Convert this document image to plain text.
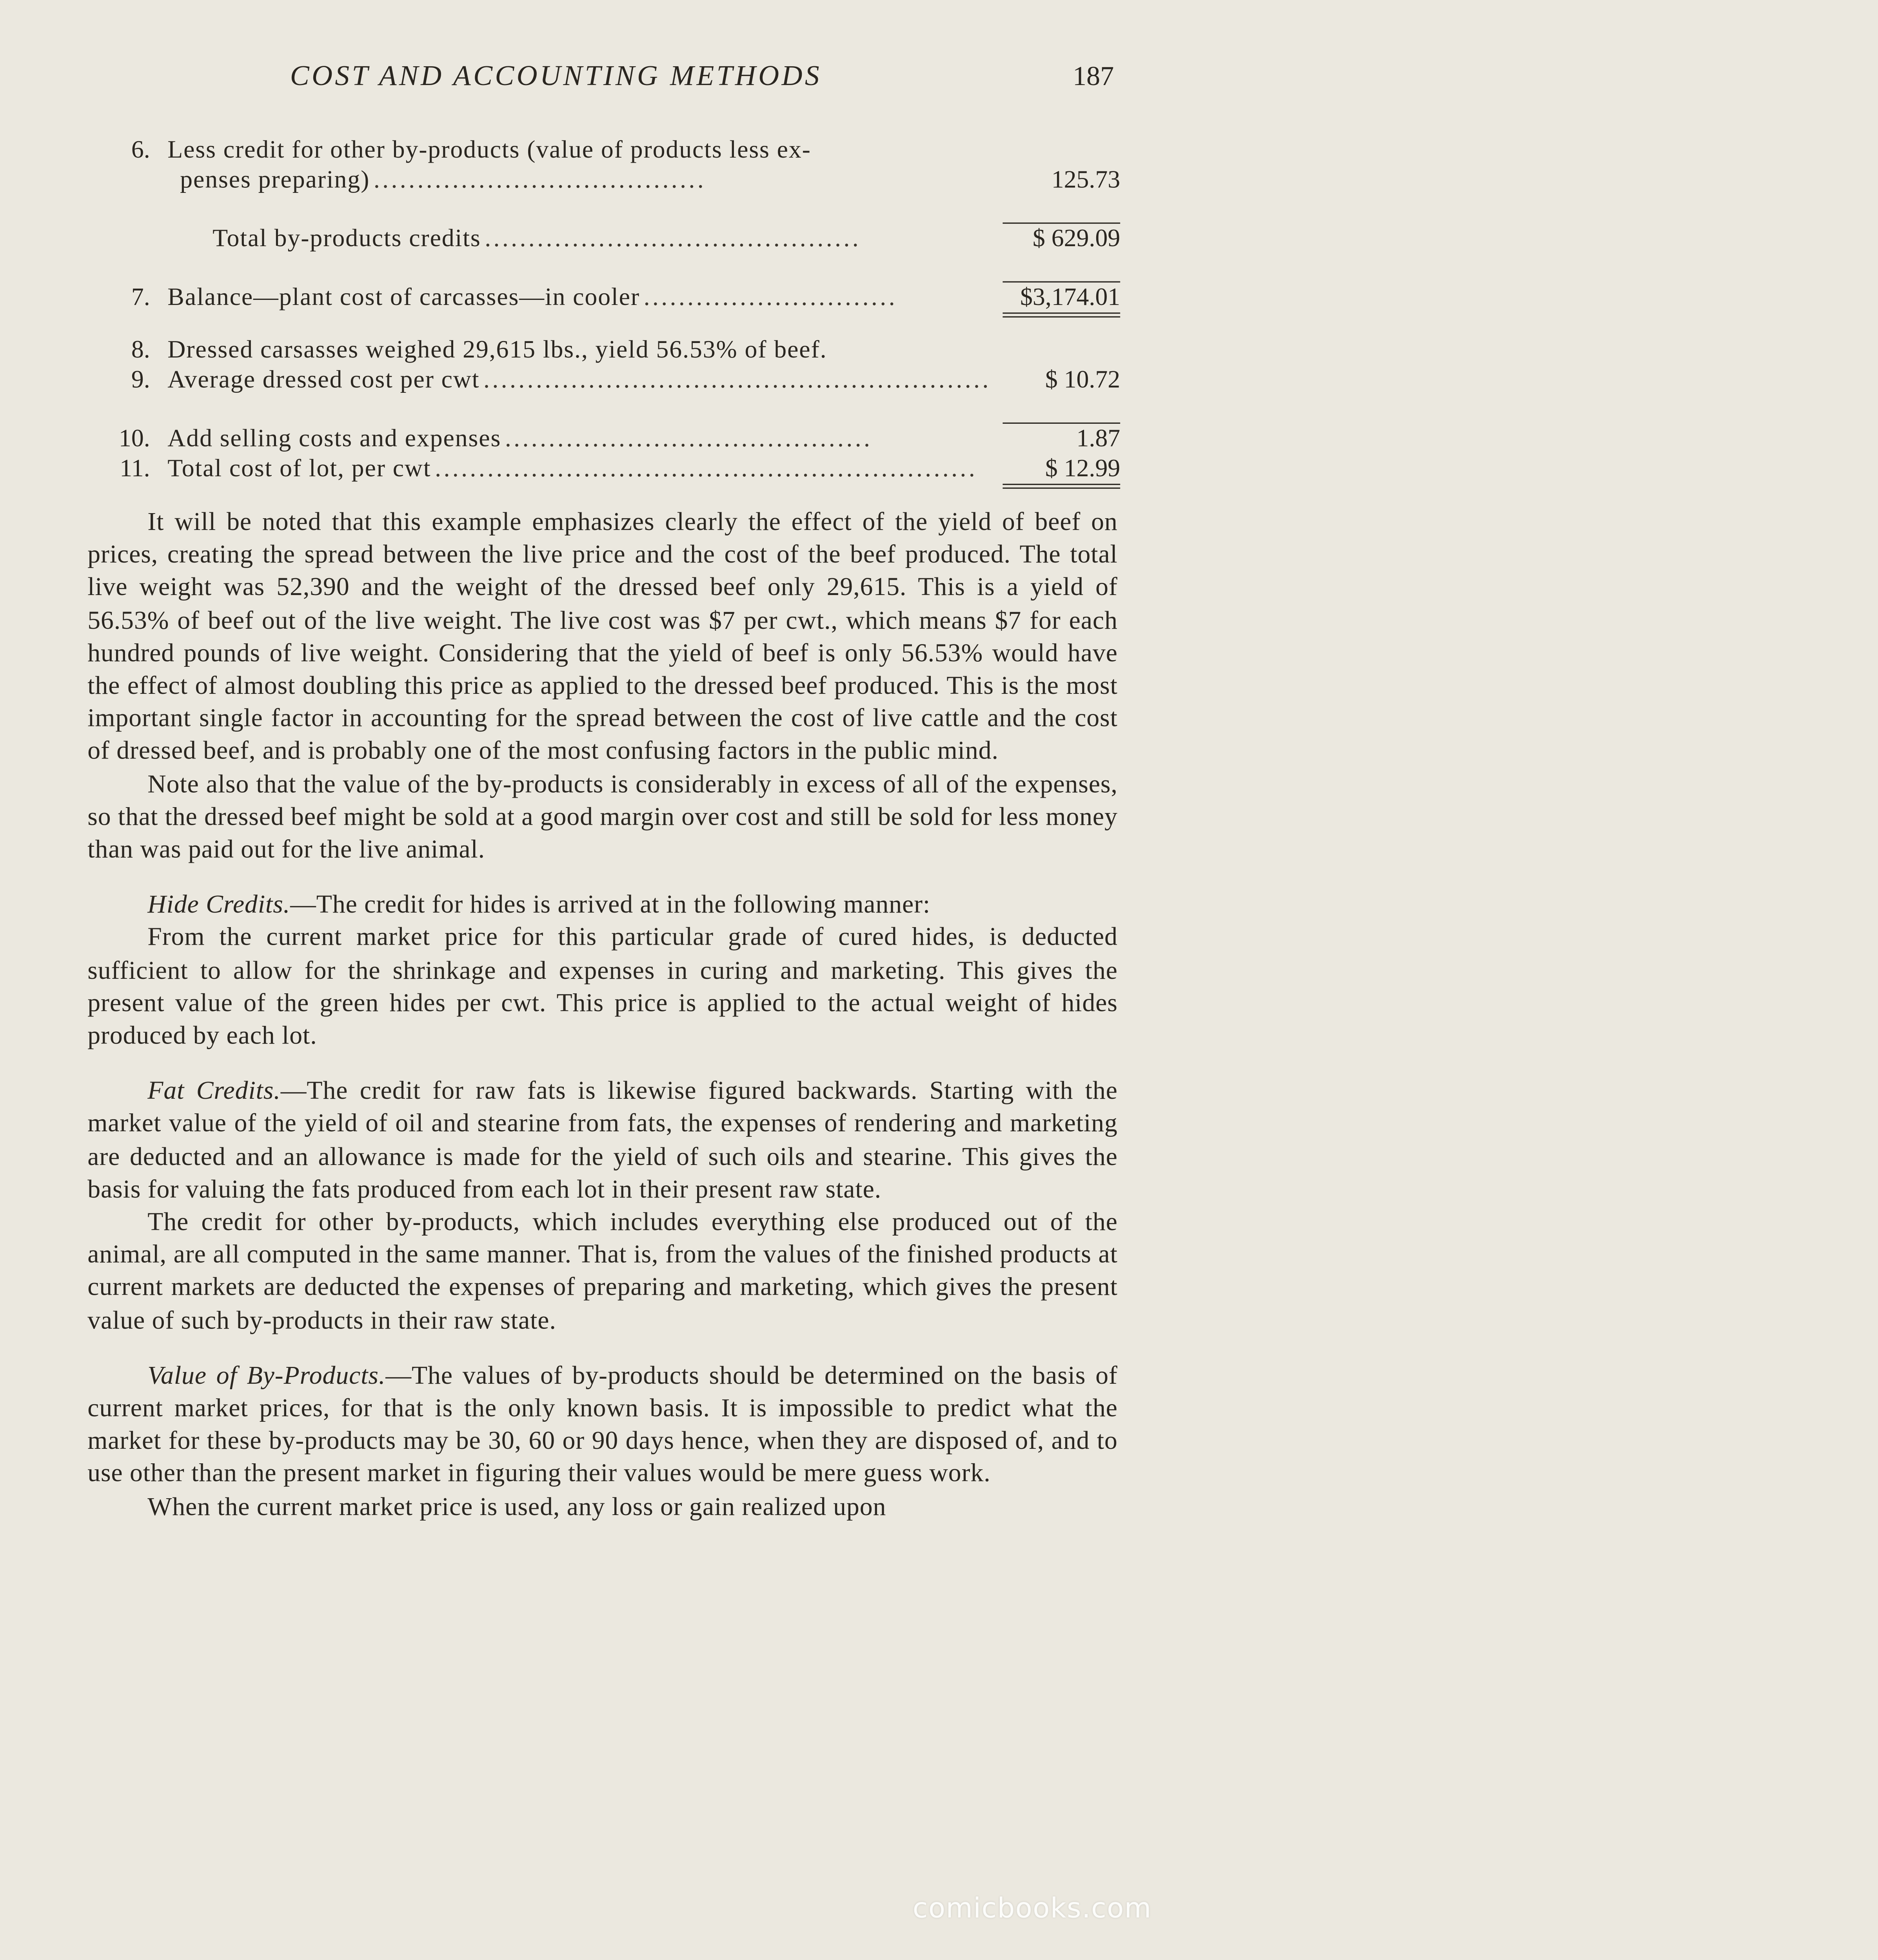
COST AND ACCOUNTING METHODS	187
6.	Less credit for other by-products (value of products less ex-
penses preparing) ......................................	125.73
Total by-products credits ...........................................	$ 629.09
7.	Balance—plant cost of carcasses—in cooler .............................	$3,174.01
8.	Dressed carsasses weighed 29,615 lbs., yield 56.53% of beef.
9.	Average dressed cost per cwt ..........................................................	$ 10.72
10.	Add selling costs and expenses ..........................................	1.87
11.	Total cost of lot, per cwt ..............................................................	$ 12.99

It will be noted that this example emphasizes clearly the effect of the yield of beef on prices, creating the spread between the live price and the cost of the beef produced. The total live weight was 52,390 and the weight of the dressed beef only 29,615. This is a yield of 56.53% of beef out of the live weight. The live cost was $7 per cwt., which means $7 for each hundred pounds of live weight. Considering that the yield of beef is only 56.53% would have the effect of almost doubling this price as applied to the dressed beef produced. This is the most important single factor in accounting for the spread between the cost of live cattle and the cost of dressed beef, and is probably one of the most confusing factors in the public mind.

Note also that the value of the by-products is considerably in excess of all of the expenses, so that the dressed beef might be sold at a good margin over cost and still be sold for less money than was paid out for the live animal.

Hide Credits.—The credit for hides is arrived at in the following manner:

From the current market price for this particular grade of cured hides, is deducted sufficient to allow for the shrinkage and expenses in curing and marketing. This gives the present value of the green hides per cwt. This price is applied to the actual weight of hides produced by each lot.

Fat Credits.—The credit for raw fats is likewise figured backwards. Starting with the market value of the yield of oil and stearine from fats, the expenses of rendering and marketing are deducted and an allowance is made for the yield of such oils and stearine. This gives the basis for valuing the fats produced from each lot in their present raw state.

The credit for other by-products, which includes everything else produced out of the animal, are all computed in the same manner. That is, from the values of the finished products at current markets are deducted the expenses of preparing and marketing, which gives the present value of such by-products in their raw state.

Value of By-Products.—The values of by-products should be determined on the basis of current market prices, for that is the only known basis. It is impossible to predict what the market for these by-products may be 30, 60 or 90 days hence, when they are disposed of, and to use other than the present market in figuring their values would be mere guess work.

When the current market price is used, any loss or gain realized upon

comicbooks.com
